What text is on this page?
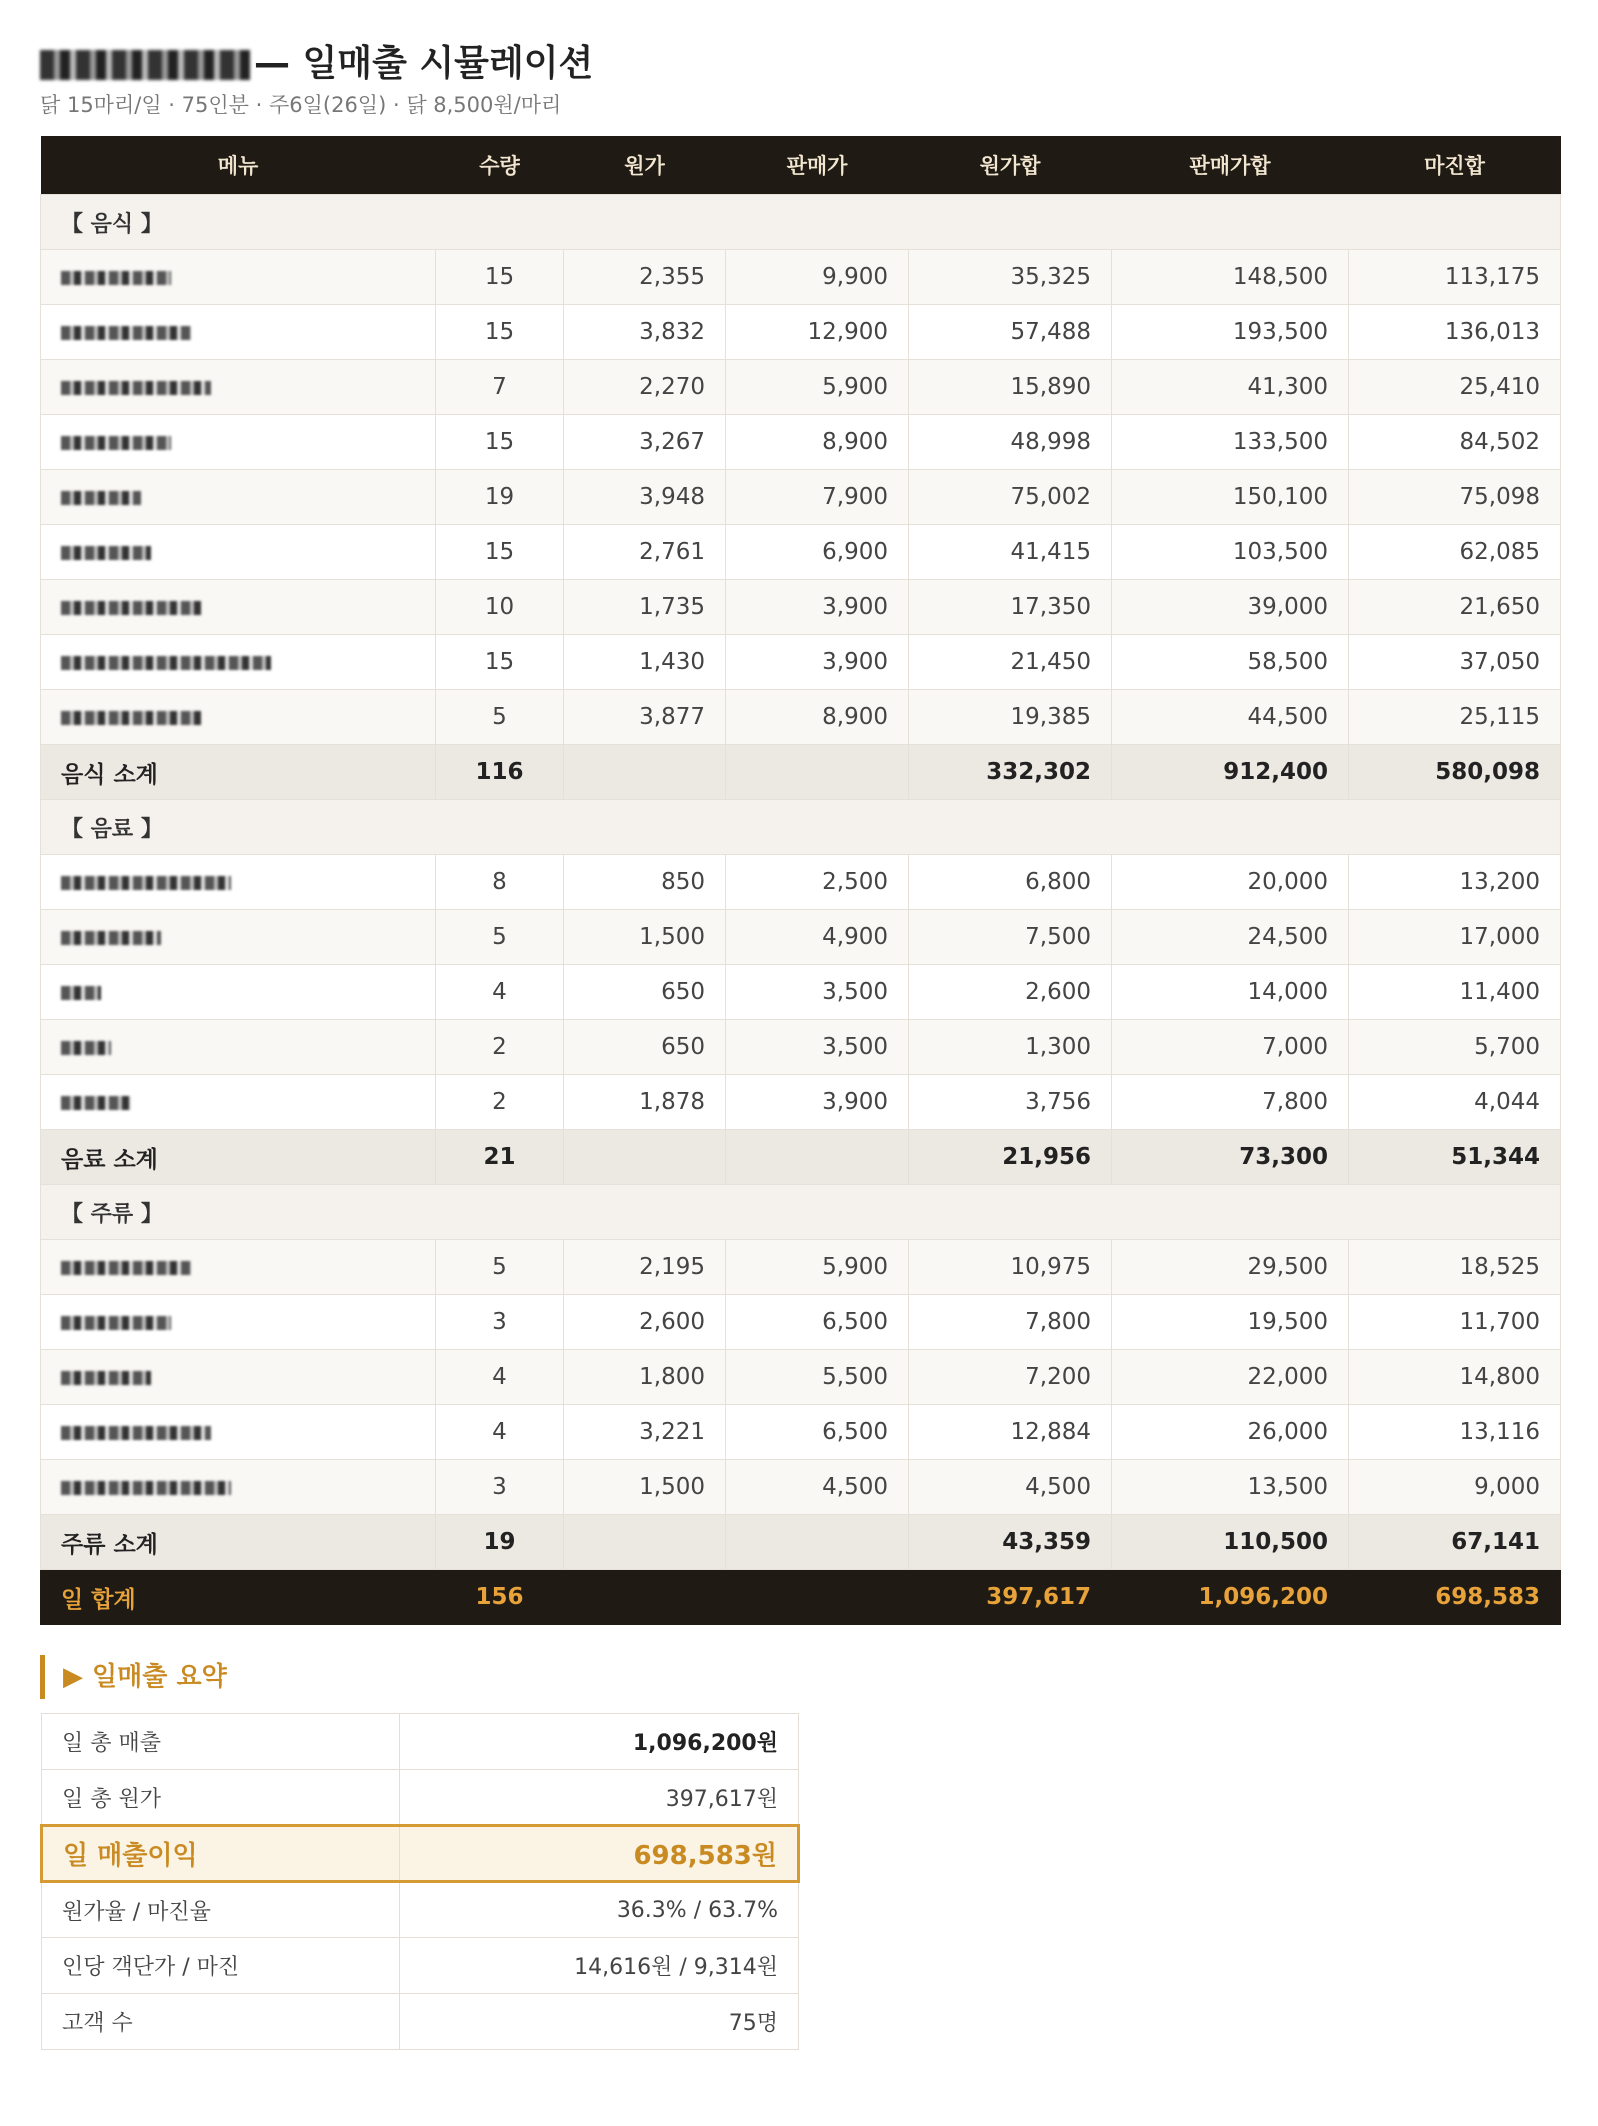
— 일매출 시뮬레이션
닭 15마리/일 · 75인분 · 주6일(26일) · 닭 8,500원/마리
메뉴	수량	원가	판매가	원가합	판매가합	마진합
【 음식 】						
	15	2,355	9,900	35,325	148,500	113,175
	15	3,832	12,900	57,488	193,500	136,013
	7	2,270	5,900	15,890	41,300	25,410
	15	3,267	8,900	48,998	133,500	84,502
	19	3,948	7,900	75,002	150,100	75,098
	15	2,761	6,900	41,415	103,500	62,085
	10	1,735	3,900	17,350	39,000	21,650
	15	1,430	3,900	21,450	58,500	37,050
	5	3,877	8,900	19,385	44,500	25,115
음식 소계	116			332,302	912,400	580,098
【 음료 】						
	8	850	2,500	6,800	20,000	13,200
	5	1,500	4,900	7,500	24,500	17,000
	4	650	3,500	2,600	14,000	11,400
	2	650	3,500	1,300	7,000	5,700
	2	1,878	3,900	3,756	7,800	4,044
음료 소계	21			21,956	73,300	51,344
【 주류 】						
	5	2,195	5,900	10,975	29,500	18,525
	3	2,600	6,500	7,800	19,500	11,700
	4	1,800	5,500	7,200	22,000	14,800
	4	3,221	6,500	12,884	26,000	13,116
	3	1,500	4,500	4,500	13,500	9,000
주류 소계	19			43,359	110,500	67,141
일 합계	156			397,617	1,096,200	698,583
▶ 일매출 요약
일 총 매출	1,096,200원
일 총 원가	397,617원
일 매출이익	698,583원
원가율 / 마진율	36.3% / 63.7%
인당 객단가 / 마진	14,616원 / 9,314원
고객 수	75명
